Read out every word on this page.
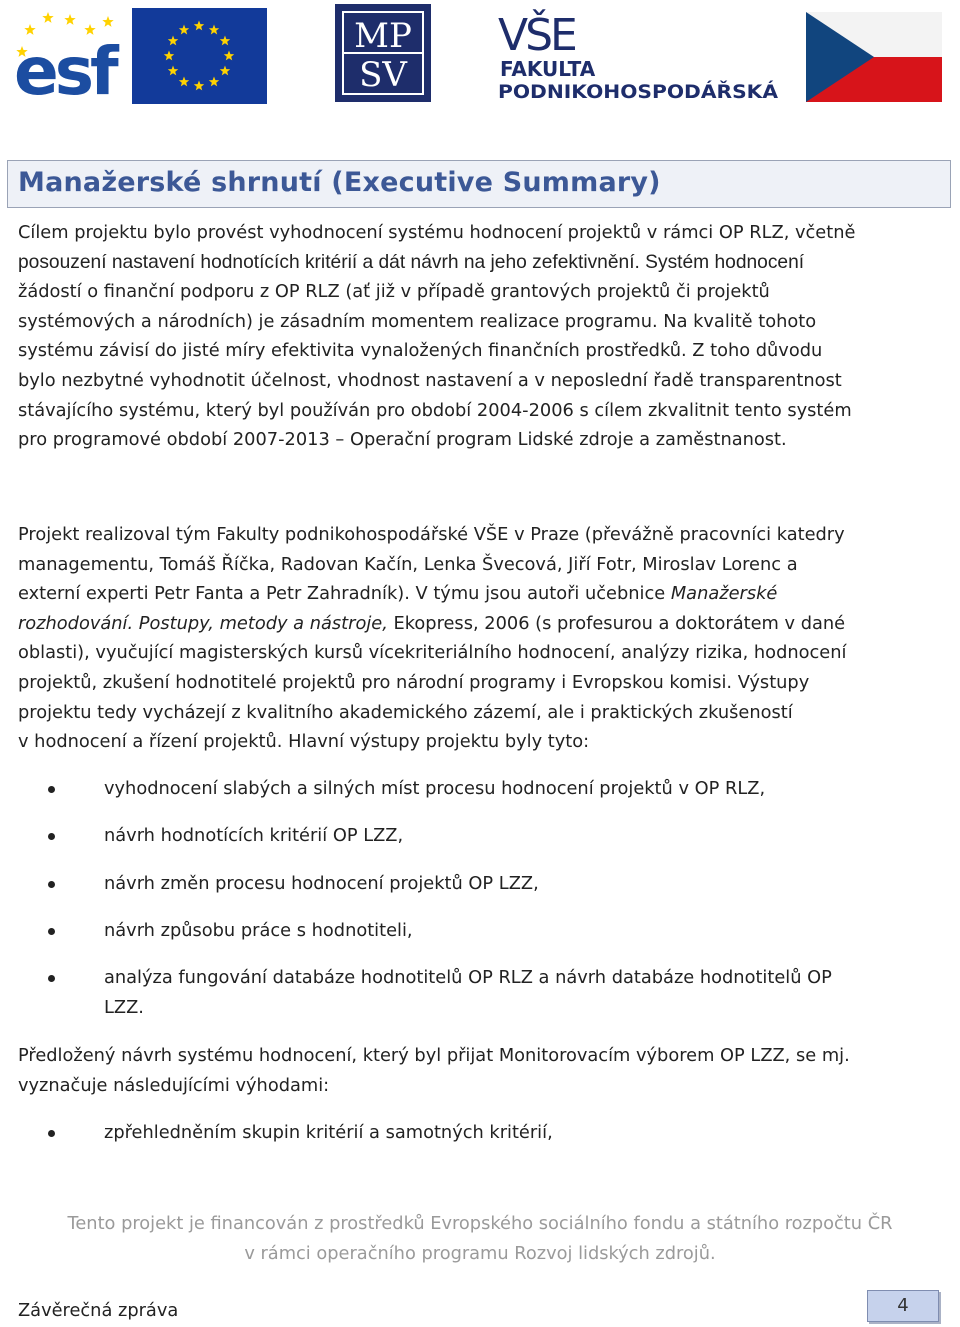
esf	MP
SV
VŠE
FAKULTA
PODNIKOHOSPODÁŘSKÁ
Manažerské shrnutí (Executive Summary)

Cílem projektu bylo provést vyhodnocení systému hodnocení projektů v rámci OP RLZ, včetně
posouzení nastavení hodnotících kritérií a dát návrh na jeho zefektivnění. Systém hodnocení
žádostí o finanční podporu z OP RLZ (ať již v případě grantových projektů či projektů
systémových a národních) je zásadním momentem realizace programu. Na kvalitě tohoto
systému závisí do jisté míry efektivita vynaložených finančních prostředků. Z toho důvodu
bylo nezbytné vyhodnotit účelnost, vhodnost nastavení a v neposlední řadě transparentnost
stávajícího systému, který byl používán pro období 2004-2006 s cílem zkvalitnit tento systém
pro programové období 2007-2013 – Operační program Lidské zdroje a zaměstnanost.

Projekt realizoval tým Fakulty podnikohospodářské VŠE v Praze (převážně pracovníci katedry
managementu, Tomáš Říčka, Radovan Kačín, Lenka Švecová, Jiří Fotr, Miroslav Lorenc a
externí experti Petr Fanta a Petr Zahradník). V týmu jsou autoři učebnice Manažerské
rozhodování. Postupy, metody a nástroje, Ekopress, 2006 (s profesurou a doktorátem v dané
oblasti), vyučující magisterských kursů vícekriteriálního hodnocení, analýzy rizika, hodnocení
projektů, zkušení hodnotitelé projektů pro národní programy i Evropskou komisi. Výstupy
projektu tedy vycházejí z kvalitního akademického zázemí, ale i praktických zkušeností
v hodnocení a řízení projektů. Hlavní výstupy projektu byly tyto:

vyhodnocení slabých a silných míst procesu hodnocení projektů v OP RLZ,
návrh hodnotících kritérií OP LZZ,
návrh změn procesu hodnocení projektů OP LZZ,
návrh způsobu práce s hodnotiteli,
analýza fungování databáze hodnotitelů OP RLZ a návrh databáze hodnotitelů OP
LZZ.

Předložený návrh systému hodnocení, který byl přijat Monitorovacím výborem OP LZZ, se mj.
vyznačuje následujícími výhodami:

zpřehledněním skupin kritérií a samotných kritérií,
Tento projekt je financován z prostředků Evropského sociálního fondu a státního rozpočtu ČR
v rámci operačního programu Rozvoj lidských zdrojů.
Závěrečná zpráva	4
